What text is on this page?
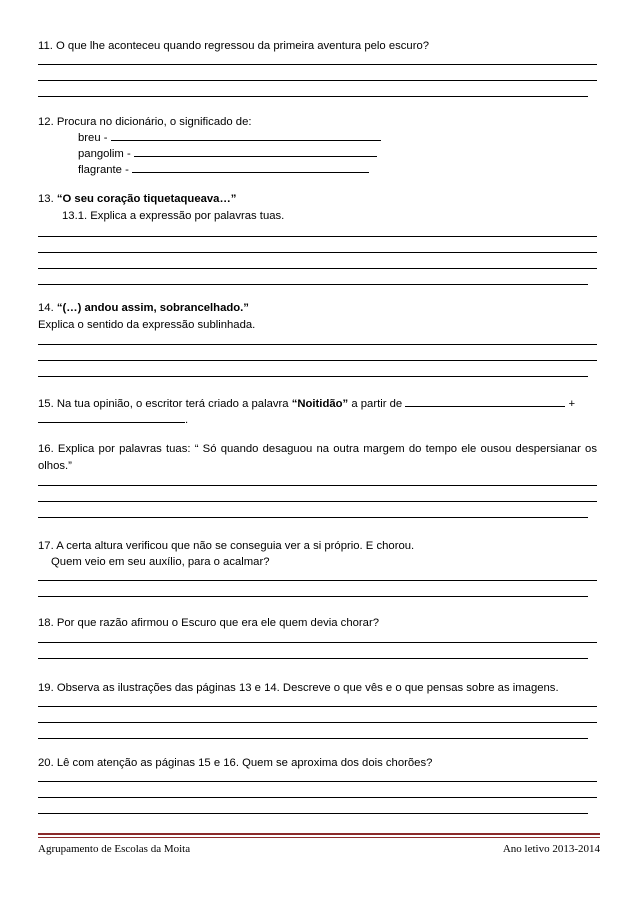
11. O que lhe aconteceu quando regressou da primeira aventura pelo escuro?
12. Procura no dicionário, o significado de:
breu -
pangolim -
flagrante -
13. “O seu coração tiquetaqueava…”
13.1. Explica a expressão por palavras tuas.
14. “(…) andou assim, sobrancelhado.”
Explica o sentido da expressão sublinhada.
15. Na tua opinião, o escritor terá criado a palavra “Noitidão” a partir de	+
.
16. Explica por palavras tuas: “ Só quando desaguou na outra margem do tempo ele ousou despersianar os olhos.”
17. A certa altura verificou que não se conseguia ver a si próprio. E chorou.
Quem veio em seu auxílio, para o acalmar?
18. Por que razão afirmou o Escuro que era ele quem devia chorar?
19. Observa as ilustrações das páginas 13 e 14. Descreve o que vês e o que pensas sobre as imagens.
20. Lê com atenção as páginas 15 e 16. Quem se aproxima dos dois chorões?
Agrupamento de Escolas da Moita	Ano letivo 2013-2014
